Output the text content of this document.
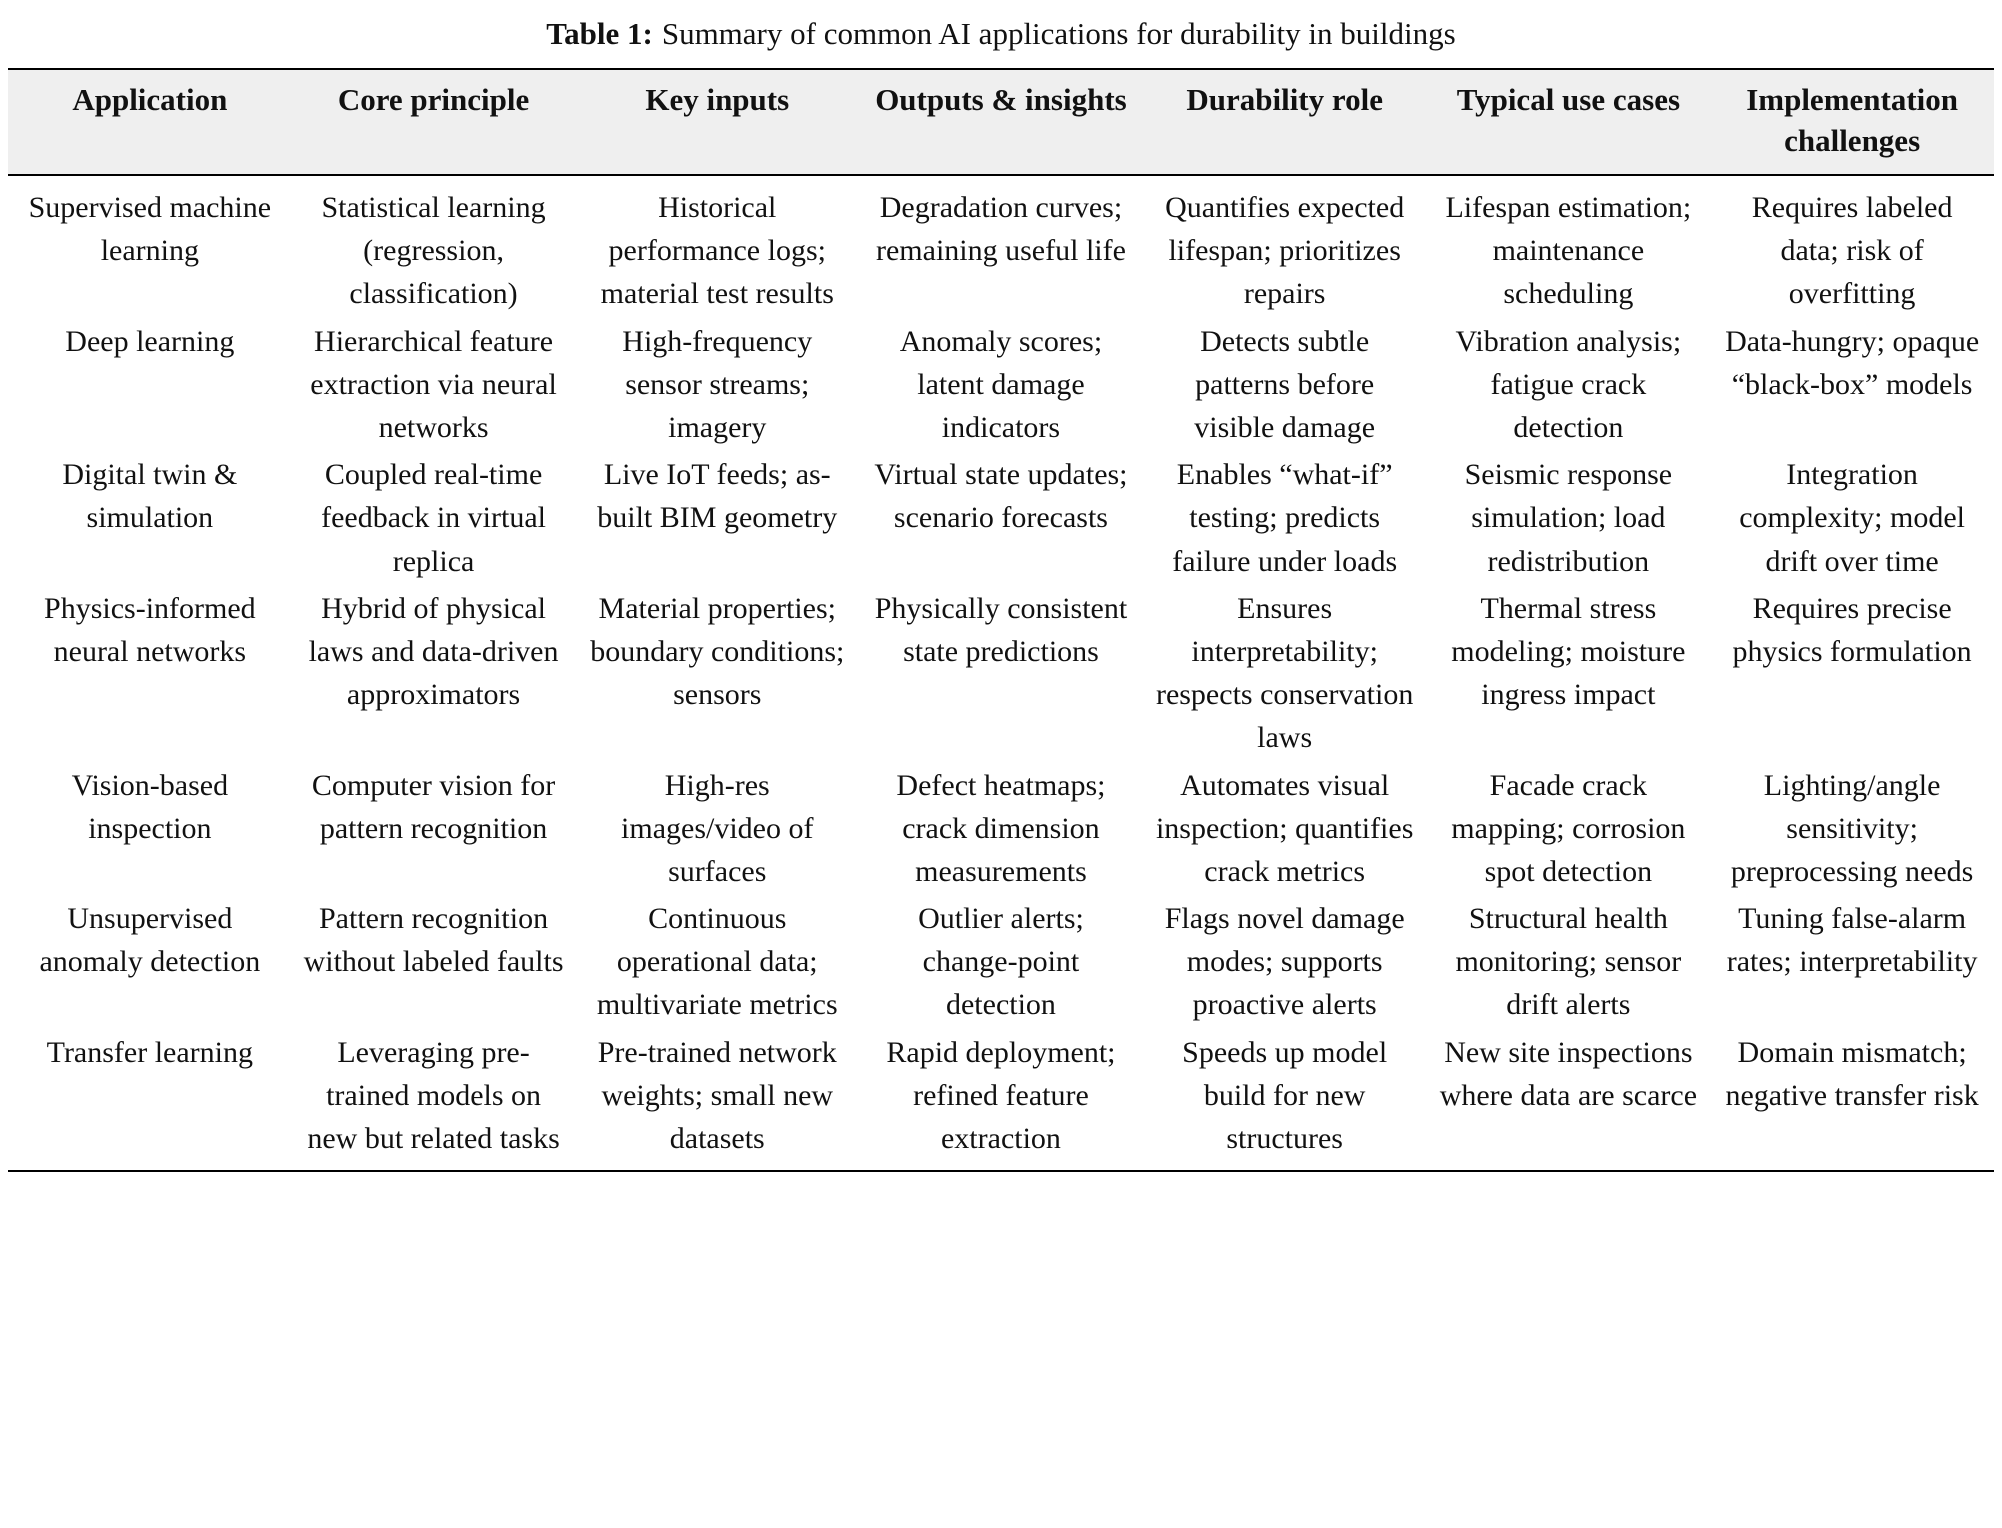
Table 1: Summary of common AI applications for durability in buildings
Application	Core principle	Key inputs	Outputs & insights	Durability role	Typical use cases	Implementation challenges
Supervised machine learning	Statistical learning (regression, classification)	Historical performance logs; material test results	Degradation curves; remaining useful life	Quantifies expected lifespan; prioritizes repairs	Lifespan estimation; maintenance scheduling	Requires labeled data; risk of overfitting
Deep learning	Hierarchical feature extraction via neural networks	High-frequency sensor streams; imagery	Anomaly scores; latent damage indicators	Detects subtle patterns before visible damage	Vibration analysis; fatigue crack detection	Data-hungry; opaque “black-box” models
Digital twin & simulation	Coupled real-time feedback in virtual replica	Live IoT feeds; as-built BIM geometry	Virtual state updates; scenario forecasts	Enables “what-if” testing; predicts failure under loads	Seismic response simulation; load redistribution	Integration complexity; model drift over time
Physics-informed neural networks	Hybrid of physical laws and data-driven approximators	Material properties; boundary conditions; sensors	Physically consistent state predictions	Ensures interpretability; respects conservation laws	Thermal stress modeling; moisture ingress impact	Requires precise physics formulation
Vision-based inspection	Computer vision for pattern recognition	High-res images/video of surfaces	Defect heatmaps; crack dimension measurements	Automates visual inspection; quantifies crack metrics	Facade crack mapping; corrosion spot detection	Lighting/angle sensitivity; preprocessing needs
Unsupervised anomaly detection	Pattern recognition without labeled faults	Continuous operational data; multivariate metrics	Outlier alerts; change-point detection	Flags novel damage modes; supports proactive alerts	Structural health monitoring; sensor drift alerts	Tuning false-alarm rates; interpretability
Transfer learning	Leveraging pre-trained models on new but related tasks	Pre-trained network weights; small new datasets	Rapid deployment; refined feature extraction	Speeds up model build for new structures	New site inspections where data are scarce	Domain mismatch; negative transfer risk
